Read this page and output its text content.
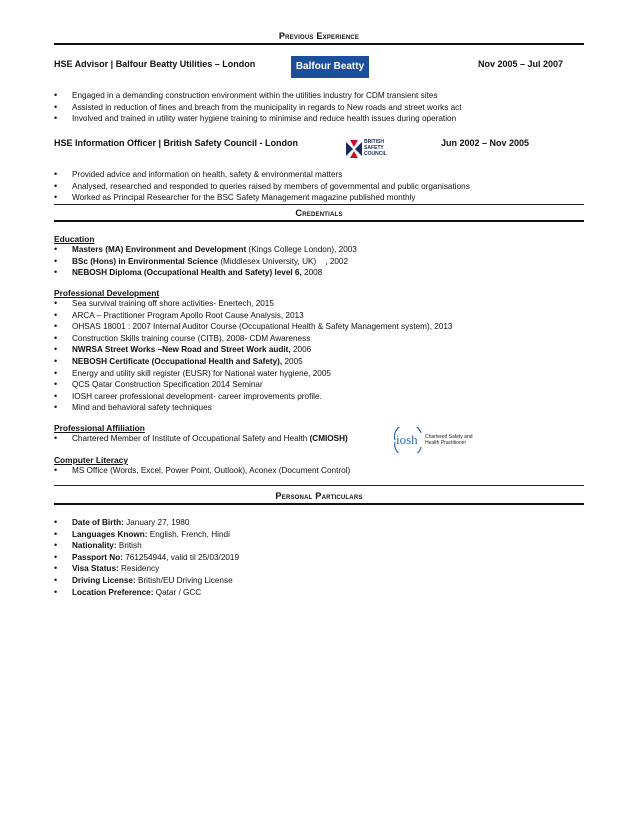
Previous Experience
HSE Advisor | Balfour Beatty Utilities – London	Balfour Beatty	Nov 2005 – Jul 2007
• Engaged in a demanding construction environment within the utilities industry for CDM transient sites
• Assisted in reduction of fines and breach from the municipality in regards to New roads and street works act
• Involved and trained in utility water hygiene training to minimise and reduce health issues during operation
HSE Information Officer | British Safety Council - London	BRITISH
SAFETY
COUNCIL
Jun 2002 – Nov 2005
• Provided advice and information on health, safety & environmental matters
• Analysed, researched and responded to queries raised by members of governmental and public organisations
• Worked as Principal Researcher for the BSC Safety Management magazine published monthly
Credentials
Education
• Masters (MA) Environment and Development (Kings College London), 2003
• BSc (Hons) in Environmental Science (Middlesex University, UK)    , 2002
• NEBOSH Diploma (Occupational Health and Safety) level 6, 2008
Professional Development
• Sea survival training off shore activities- Enertech, 2015
• ARCA – Practitioner Program Apollo Root Cause Analysis, 2013
• OHSAS 18001 : 2007 Internal Auditor Course (Occupational Health & Safety Management system), 2013
• Construction Skills training course (CITB), 2008- CDM Awareness
• NWRSA Street Works –New Road and Street Work audit, 2006
• NEBOSH Certificate (Occupational Health and Safety), 2005
• Energy and utility skill register (EUSR) for National water hygiene, 2005
• QCS Qatar Construction Specification 2014 Seminar
• IOSH career professional development- career improvements profile.
• Mind and behavioral safety techniques
Professional Affiliation
• Chartered Member of Institute of Occupational Safety and Health (CMIOSH)	iosh Chartered Safety and
Health Practitioner
Computer Literacy
• MS Office (Words, Excel, Power Point, Outlook), Aconex (Document Control)
Personal Particulars
• Date of Birth: January 27, 1980
• Languages Known: English, French, Hindi
• Nationality: British
• Passport No: 761254944, valid til 25/03/2019
• Visa Status: Residency
• Driving License: British/EU Driving License
• Location Preference: Qatar / GCC
